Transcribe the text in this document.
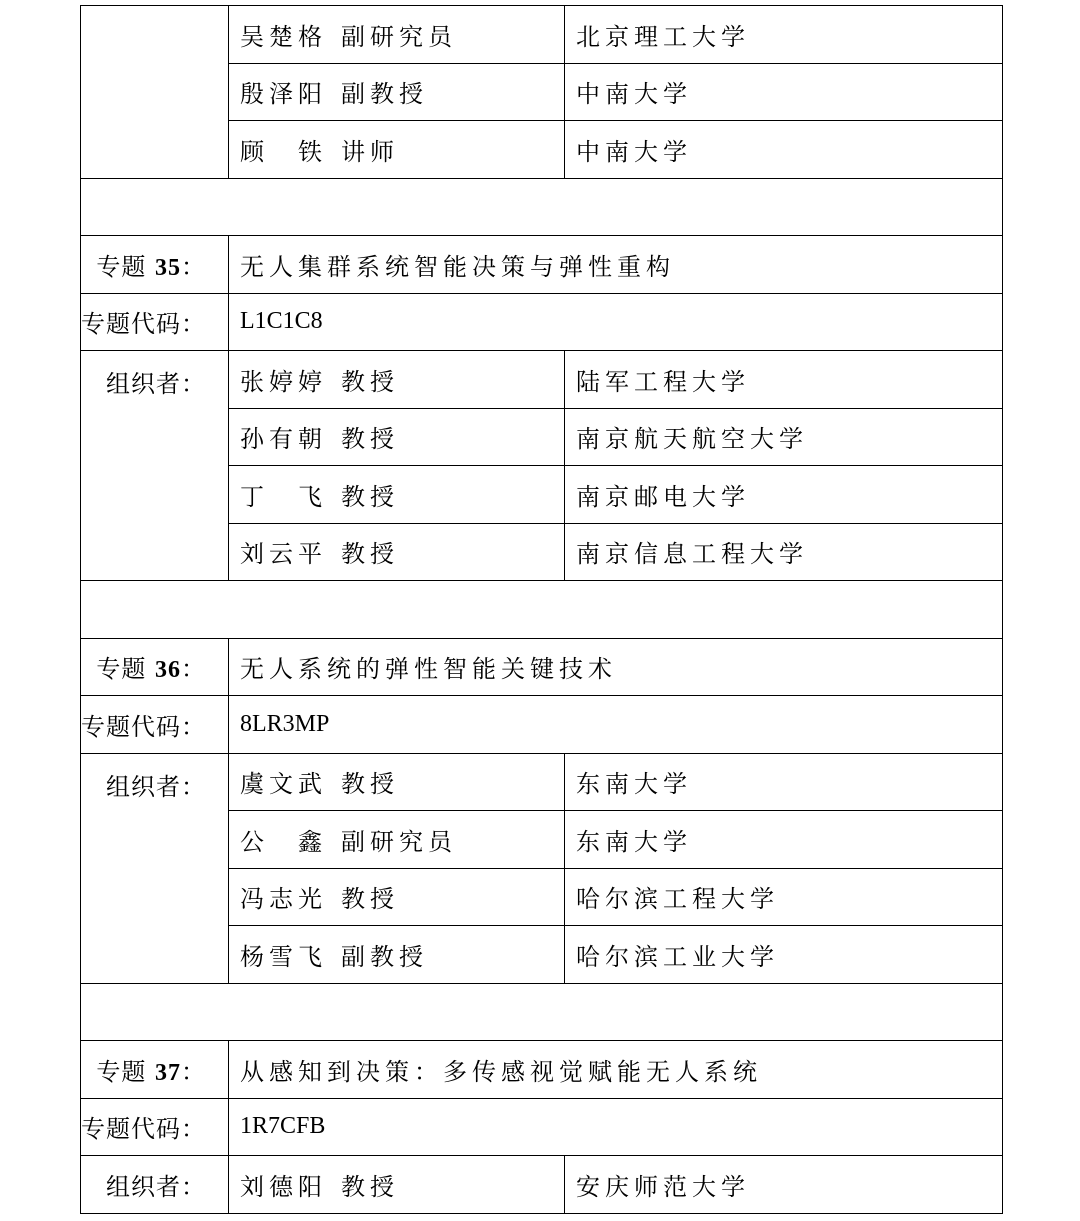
	吴楚格 副研究员	北京理工大学
	殷泽阳 副教授	中南大学
	顾　铁 讲师	中南大学

专题 35：	无人集群系统智能决策与弹性重构	
专题代码：	L1C1C8	
组织者：	张婷婷 教授	陆军工程大学
	孙有朝 教授	南京航天航空大学
	丁　飞 教授	南京邮电大学
	刘云平 教授	南京信息工程大学

专题 36：	无人系统的弹性智能关键技术	
专题代码：	8LR3MP	
组织者：	虞文武 教授	东南大学
	公　鑫 副研究员	东南大学
	冯志光 教授	哈尔滨工程大学
	杨雪飞 副教授	哈尔滨工业大学

专题 37：	从感知到决策：多传感视觉赋能无人系统	
专题代码：	1R7CFB	
组织者：	刘德阳 教授	安庆师范大学
